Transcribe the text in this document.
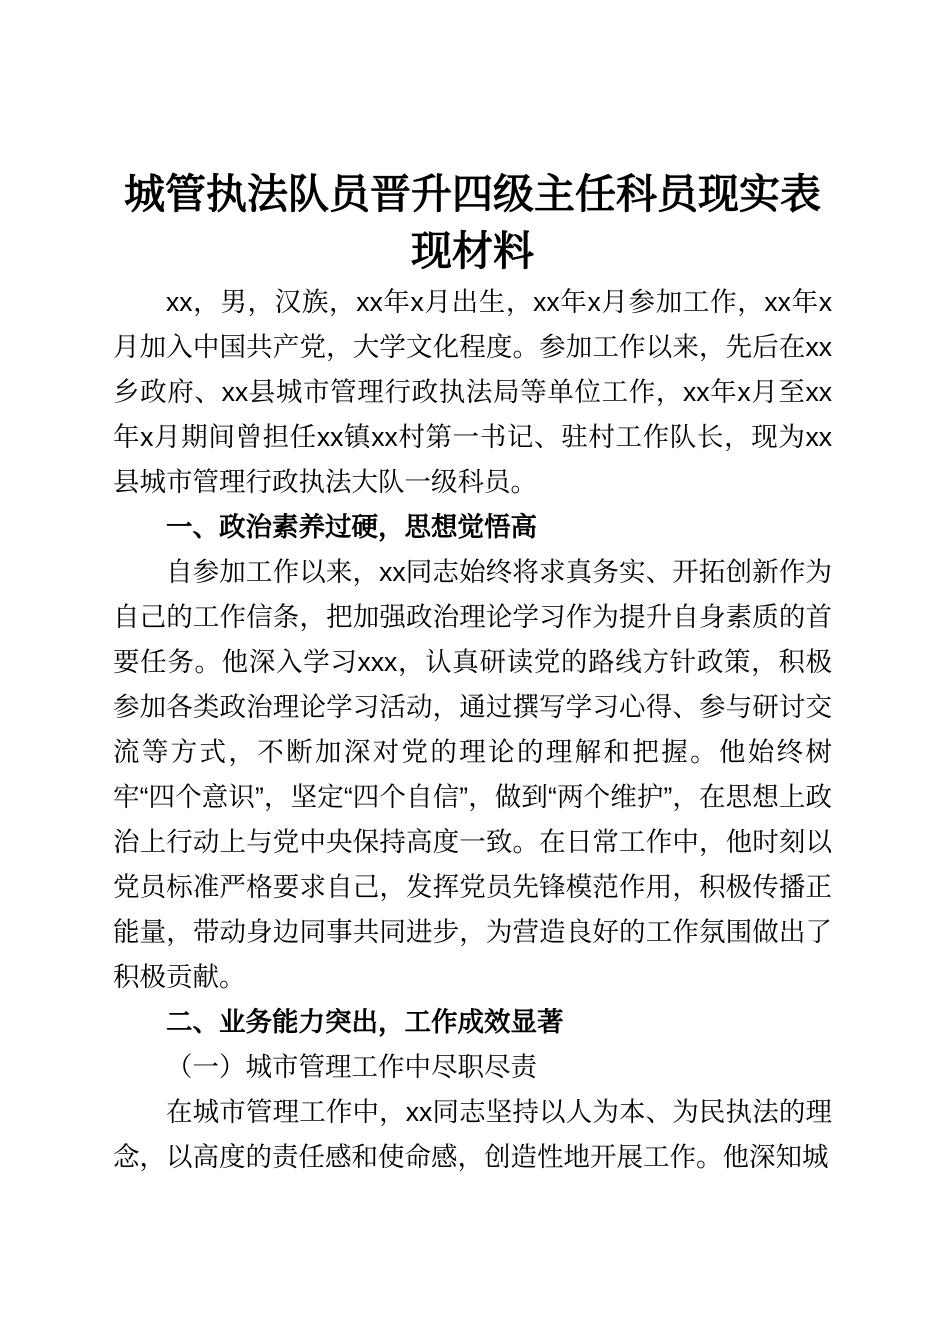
城管执法队员晋升四级主任科员现实表现材料

xx，男，汉族，xx年x月出生，xx年x月参加工作，xx年x月加入中国共产党，大学文化程度。参加工作以来，先后在xx乡政府、xx县城市管理行政执法局等单位工作，xx年x月至xx年x月期间曾担任xx镇xx村第一书记、驻村工作队长，现为xx县城市管理行政执法大队一级科员。

一、政治素养过硬，思想觉悟高

自参加工作以来，xx同志始终将求真务实、开拓创新作为自己的工作信条，把加强政治理论学习作为提升自身素质的首要任务。他深入学习xxx，认真研读党的路线方针政策，积极参加各类政治理论学习活动，通过撰写学习心得、参与研讨交流等方式，不断加深对党的理论的理解和把握。他始终树牢“四个意识”，坚定“四个自信”，做到“两个维护”，在思想上政治上行动上与党中央保持高度一致。在日常工作中，他时刻以党员标准严格要求自己，发挥党员先锋模范作用，积极传播正能量，带动身边同事共同进步，为营造良好的工作氛围做出了积极贡献。

二、业务能力突出，工作成效显著

（一）城市管理工作中尽职尽责

在城市管理工作中，xx同志坚持以人为本、为民执法的理念，以高度的责任感和使命感，创造性地开展工作。他深知城
